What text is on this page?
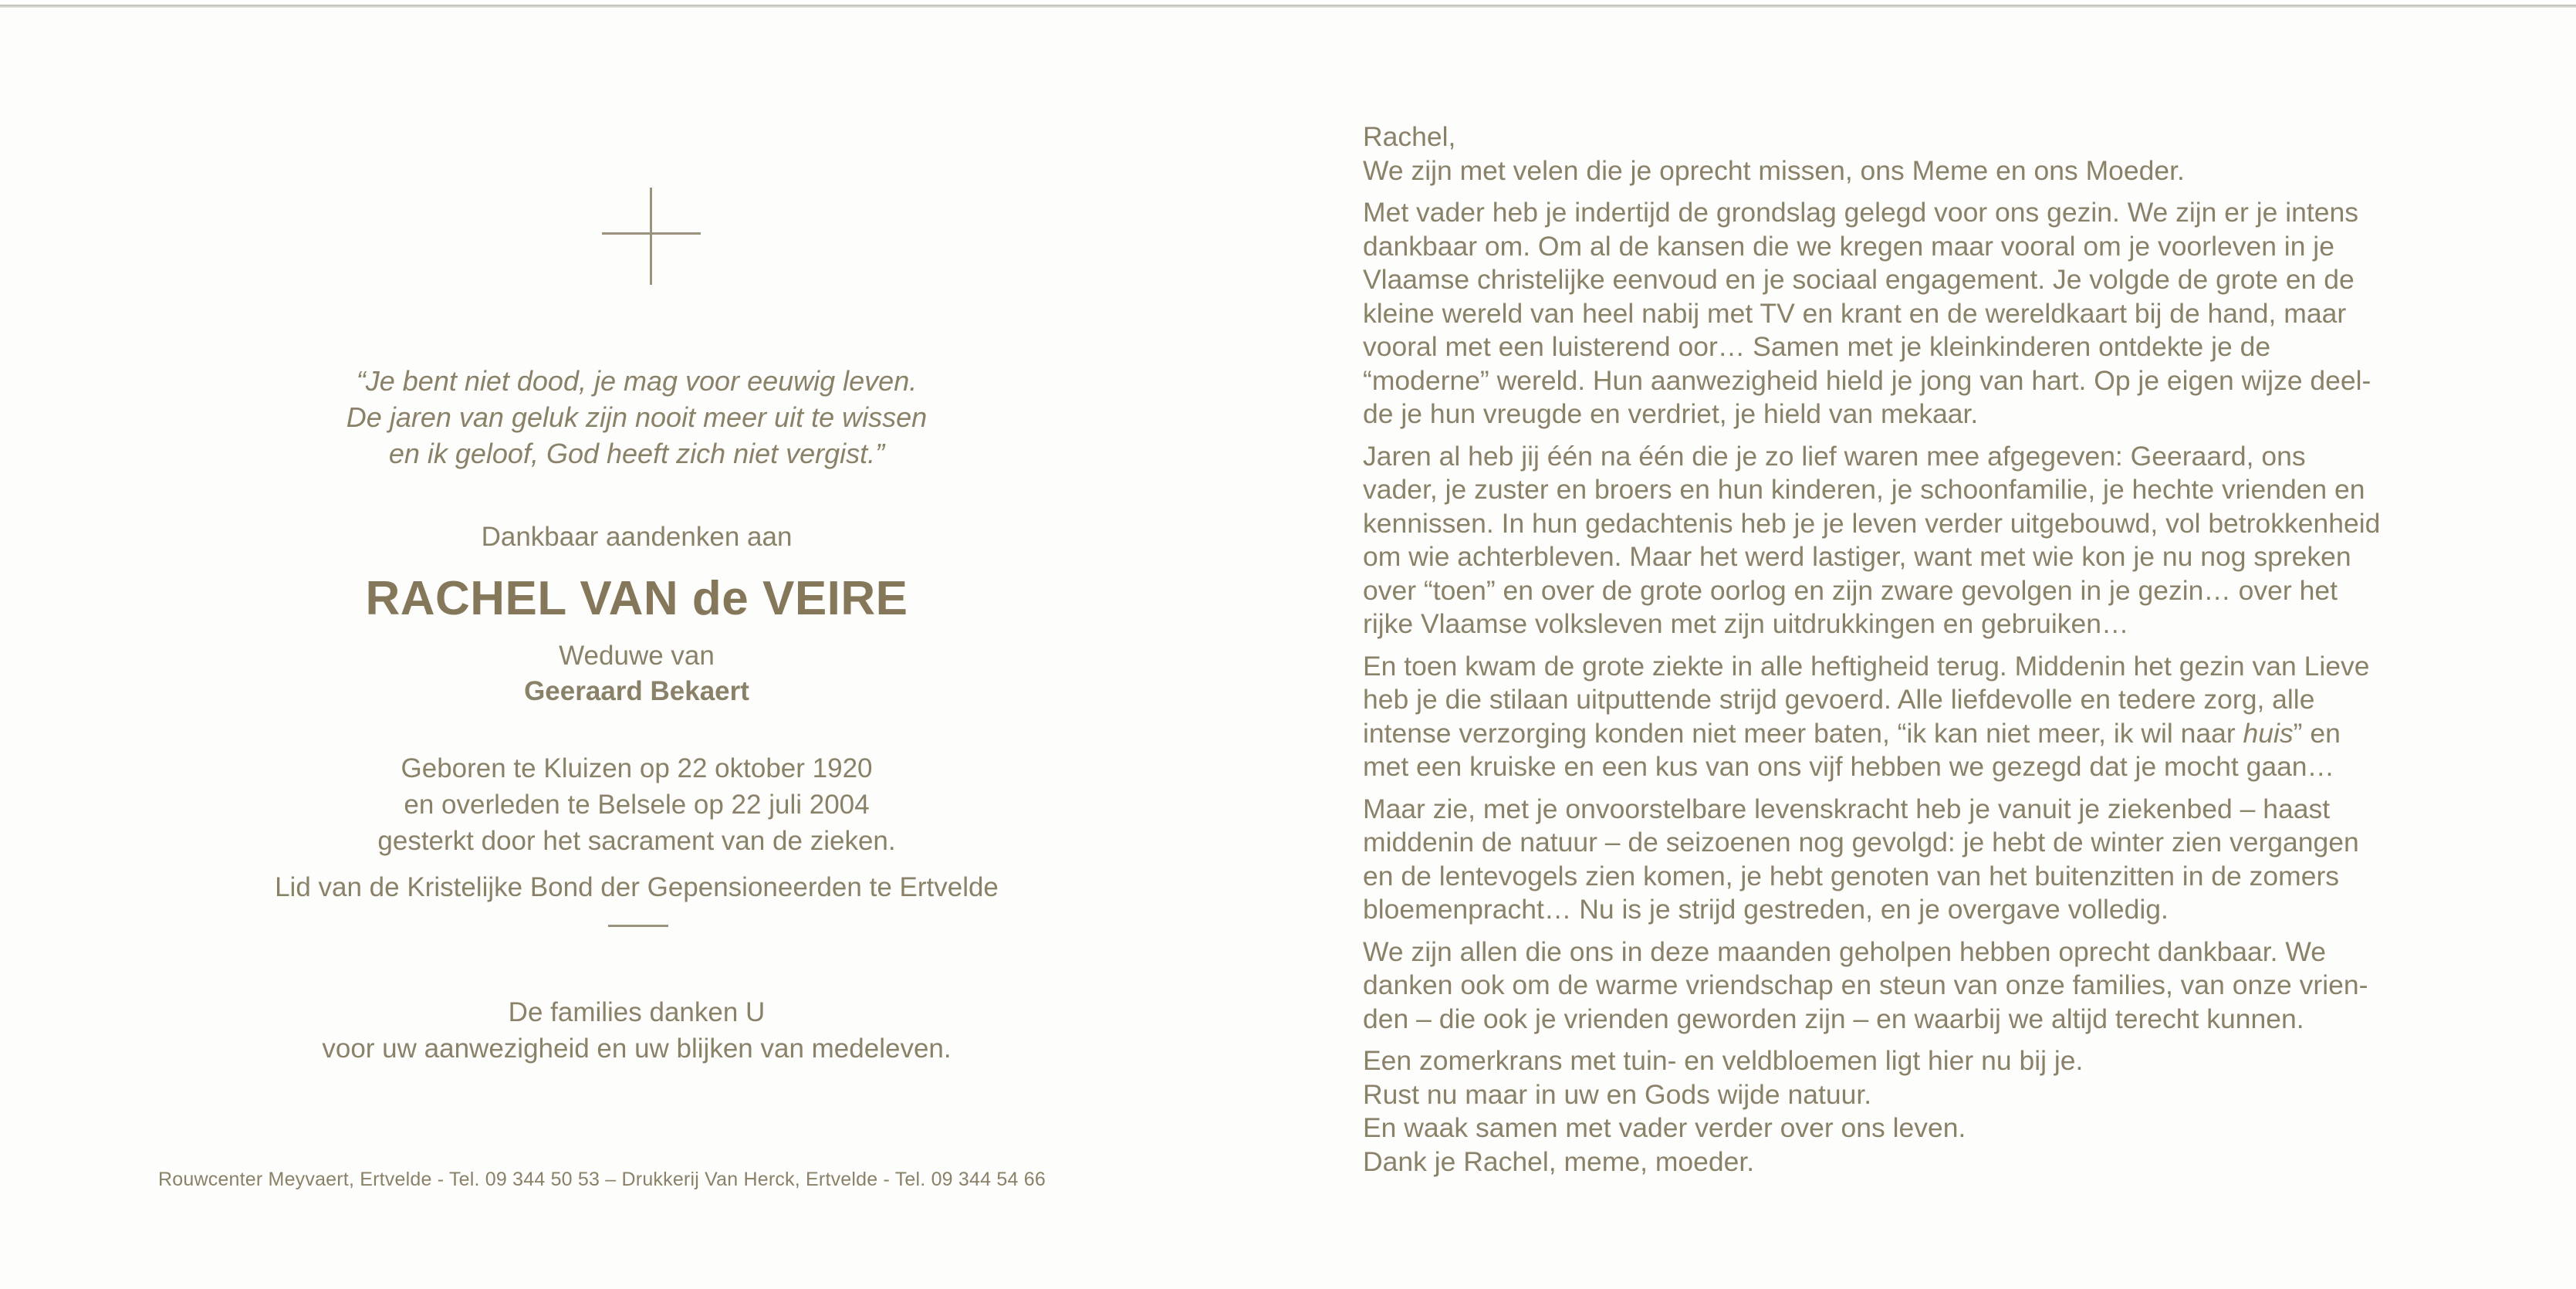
“Je bent niet dood, je mag voor eeuwig leven.
De jaren van geluk zijn nooit meer uit te wissen
en ik geloof, God heeft zich niet vergist.”
Dankbaar aandenken aan
RACHEL VAN de VEIRE
Weduwe van
Geeraard Bekaert
Geboren te Kluizen op 22 oktober 1920
en overleden te Belsele op 22 juli 2004
gesterkt door het sacrament van de zieken.
Lid van de Kristelijke Bond der Gepensioneerden te Ertvelde
De families danken U
voor uw aanwezigheid en uw blijken van medeleven.
Rouwcenter Meyvaert, Ertvelde - Tel. 09 344 50 53 – Drukkerij Van Herck, Ertvelde - Tel. 09 344 54 66

Rachel,
We zijn met velen die je oprecht missen, ons Meme en ons Moeder.

Met vader heb je indertijd de grondslag gelegd voor ons gezin. We zijn er je intens
dankbaar om. Om al de kansen die we kregen maar vooral om je voorleven in je
Vlaamse christelijke eenvoud en je sociaal engagement. Je volgde de grote en de
kleine wereld van heel nabij met TV en krant en de wereldkaart bij de hand, maar
vooral met een luisterend oor… Samen met je kleinkinderen ontdekte je de
“moderne” wereld. Hun aanwezigheid hield je jong van hart. Op je eigen wijze deel-
de je hun vreugde en verdriet, je hield van mekaar.

Jaren al heb jij één na één die je zo lief waren mee afgegeven: Geeraard, ons
vader, je zuster en broers en hun kinderen, je schoonfamilie, je hechte vrienden en
kennissen. In hun gedachtenis heb je je leven verder uitgebouwd, vol betrokkenheid
om wie achterbleven. Maar het werd lastiger, want met wie kon je nu nog spreken
over “toen” en over de grote oorlog en zijn zware gevolgen in je gezin… over het
rijke Vlaamse volksleven met zijn uitdrukkingen en gebruiken…

En toen kwam de grote ziekte in alle heftigheid terug. Middenin het gezin van Lieve
heb je die stilaan uitputtende strijd gevoerd. Alle liefdevolle en tedere zorg, alle
intense verzorging konden niet meer baten, “ik kan niet meer, ik wil naar huis” en
met een kruiske en een kus van ons vijf hebben we gezegd dat je mocht gaan…

Maar zie, met je onvoorstelbare levenskracht heb je vanuit je ziekenbed – haast
middenin de natuur – de seizoenen nog gevolgd: je hebt de winter zien vergangen
en de lentevogels zien komen, je hebt genoten van het buitenzitten in de zomers
bloemenpracht… Nu is je strijd gestreden, en je overgave volledig.

We zijn allen die ons in deze maanden geholpen hebben oprecht dankbaar. We
danken ook om de warme vriendschap en steun van onze families, van onze vrien-
den – die ook je vrienden geworden zijn – en waarbij we altijd terecht kunnen.

Een zomerkrans met tuin- en veldbloemen ligt hier nu bij je.
Rust nu maar in uw en Gods wijde natuur.
En waak samen met vader verder over ons leven.
Dank je Rachel, meme, moeder.
